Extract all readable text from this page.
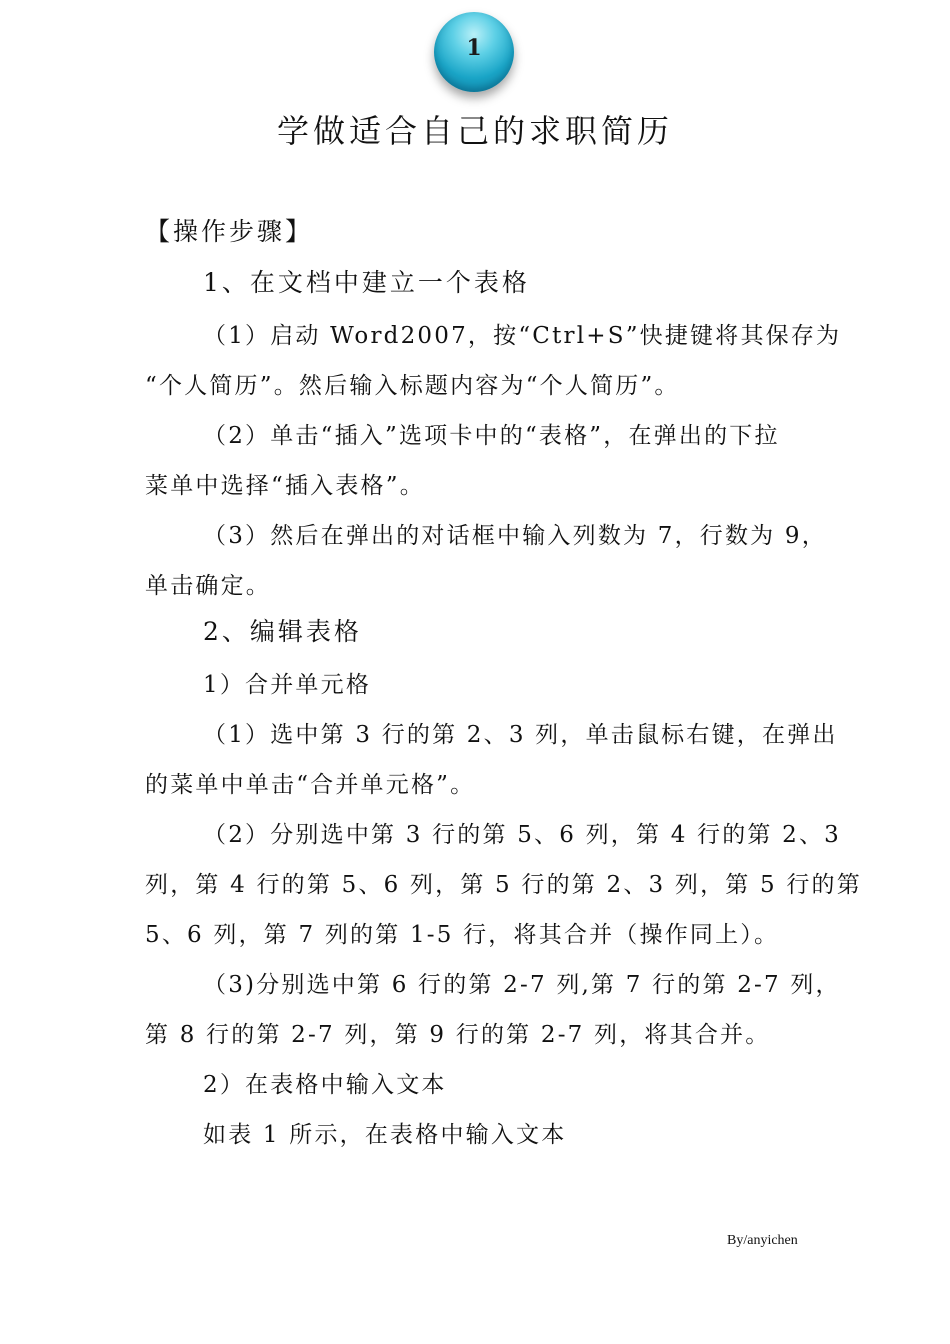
1
学做适合自己的求职简历
【操作步骤】
1、在文档中建立一个表格
（1）启动 Word2007，按“Ctrl+S”快捷键将其保存为
“个人简历”。然后输入标题内容为“个人简历”。
（2）单击“插入”选项卡中的“表格”，在弹出的下拉
菜单中选择“插入表格”。
（3）然后在弹出的对话框中输入列数为 7，行数为 9，
单击确定。
2、编辑表格
1）合并单元格
（1）选中第 3 行的第 2、3 列，单击鼠标右键，在弹出
的菜单中单击“合并单元格”。
（2）分别选中第 3 行的第 5、6 列，第 4 行的第 2、3
列，第 4 行的第 5、6 列，第 5 行的第 2、3 列，第 5 行的第
5、6 列，第 7 列的第 1-5 行，将其合并（操作同上）。
（3)分别选中第 6 行的第 2-7 列,第 7 行的第 2-7 列，
第 8 行的第 2-7 列，第 9 行的第 2-7 列，将其合并。
2）在表格中输入文本
如表 1 所示，在表格中输入文本
By/anyichen
